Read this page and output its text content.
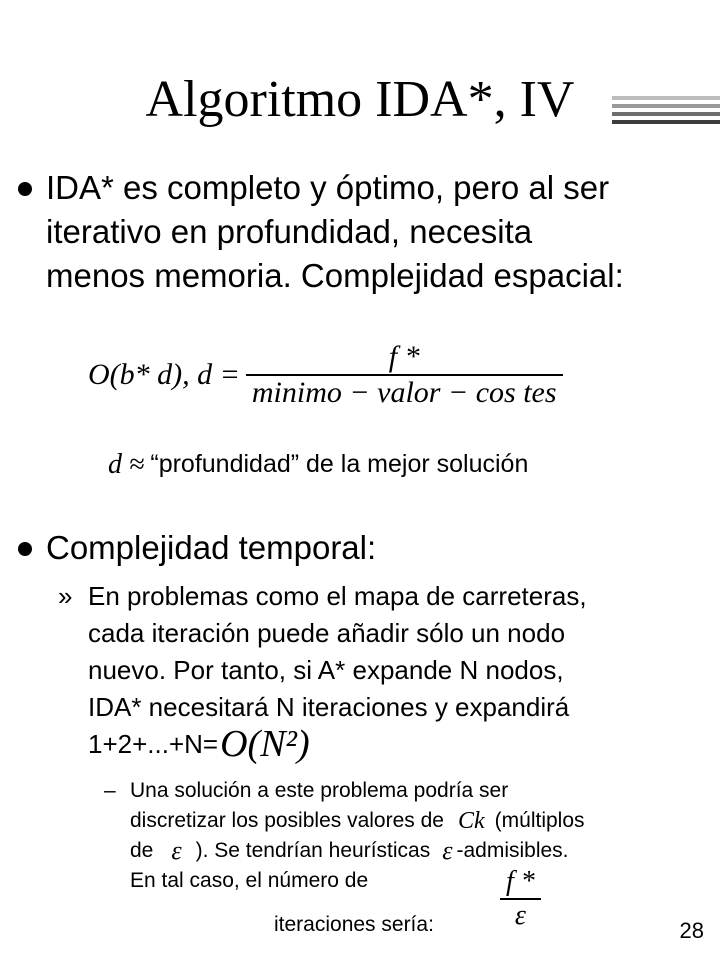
Algoritmo IDA*, IV
IDA* es completo y óptimo, pero al ser
iterativo en profundidad, necesita
menos memoria. Complejidad espacial:
O(b* d), $d = \frac{f *}{\text{minimo − valor − cos tes}}$
d ≈ “profundidad” de la mejor solución
Complejidad temporal:
» En problemas como el mapa de carreteras,
cada iteración puede añadir sólo un nodo
nuevo. Por tanto, si A* expande N nodos,
IDA* necesitará N iteraciones y expandirá
1+2+...+N= O(N²)
– Una solución a este problema podría ser
discretizar los posibles valores de Ck (múltiplos
de ε ). Se tendrían heurísticas ε -admisibles.
En tal caso, el número de
iteraciones sería: $\frac{f *}{\varepsilon}$	28
